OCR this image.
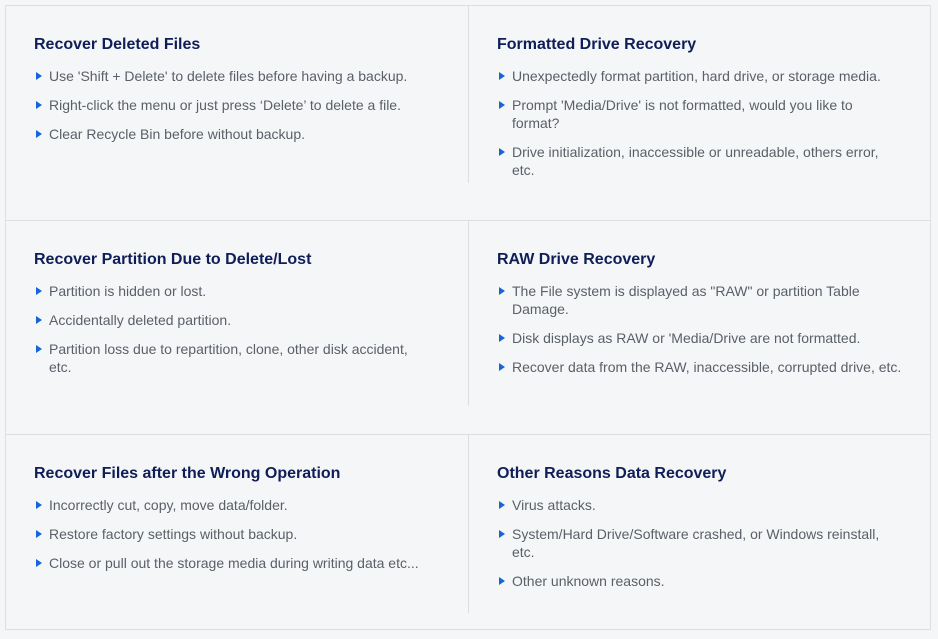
Recover Deleted Files
Use 'Shift + Delete' to delete files before having a backup.
Right-click the menu or just press ‘Delete’ to delete a file.
Clear Recycle Bin before without backup.
Formatted Drive Recovery
Unexpectedly format partition, hard drive, or storage media.
Prompt 'Media/Drive' is not formatted, would you like to format?
Drive initialization, inaccessible or unreadable, others error, etc.
Recover Partition Due to Delete/Lost
Partition is hidden or lost.
Accidentally deleted partition.
Partition loss due to repartition, clone, other disk accident, etc.
RAW Drive Recovery
The File system is displayed as "RAW" or partition Table Damage.
Disk displays as RAW or 'Media/Drive are not formatted.
Recover data from the RAW, inaccessible, corrupted drive, etc.
Recover Files after the Wrong Operation
Incorrectly cut, copy, move data/folder.
Restore factory settings without backup.
Close or pull out the storage media during writing data etc...
Other Reasons Data Recovery
Virus attacks.
System/Hard Drive/Software crashed, or Windows reinstall, etc.
Other unknown reasons.
